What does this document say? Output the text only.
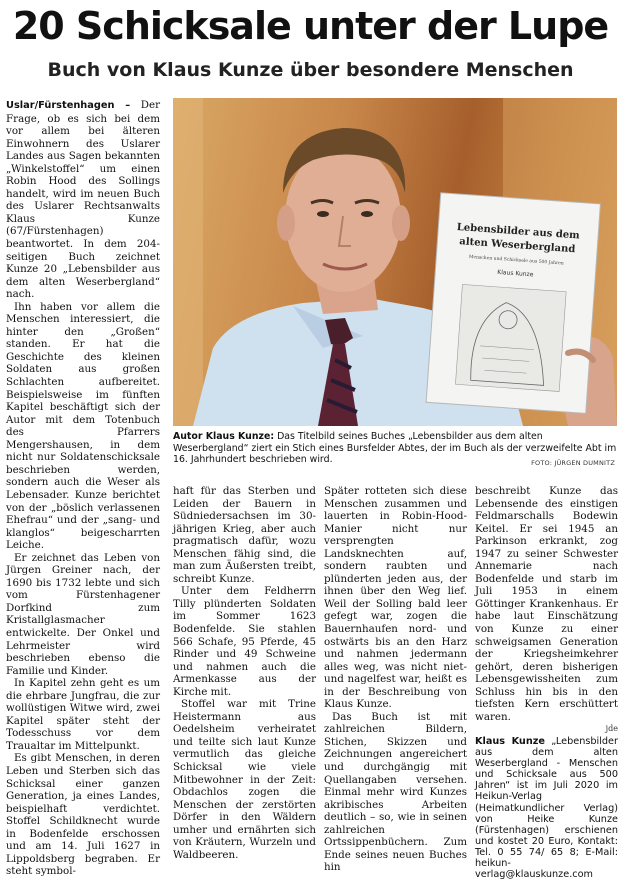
20 Schicksale unter der Lupe
Buch von Klaus Kunze über besondere Menschen

Uslar/Fürstenhagen – Der Frage, ob es sich bei dem vor allem bei älteren Einwohnern des Uslarer Landes aus Sagen bekannten „Winkelstoffel“ um einen Robin Hood des Sollings handelt, wird im neuen Buch des Uslarer Rechtsanwalts Klaus Kunze (67/Fürstenhagen) beantwortet. In dem 204-seitigen Buch zeichnet Kunze 20 „Lebensbilder aus dem alten Weserbergland“ nach.

Ihn haben vor allem die Menschen interessiert, die hinter den „Großen“ standen. Er hat die Geschichte des kleinen Soldaten aus großen Schlachten aufbereitet. Beispielsweise im fünften Kapitel beschäftigt sich der Autor mit dem Totenbuch des Pfarrers Mengershausen, in dem nicht nur Soldatenschicksale beschrieben werden, sondern auch die Weser als Lebensader. Kunze berichtet von der „böslich verlassenen Ehefrau“ und der „sang- und klanglos“ beigescharrten Leiche.

Er zeichnet das Leben von Jürgen Greiner nach, der 1690 bis 1732 lebte und sich vom Fürstenhagener Dorfkind zum Kristallglasmacher entwickelte. Der Onkel und Lehrmeister wird beschrieben ebenso die Familie und Kinder.

In Kapitel zehn geht es um die ehrbare Jungfrau, die zur wollüstigen Witwe wird, zwei Kapitel später steht der Todesschuss vor dem Traualtar im Mittelpunkt.

Es gibt Menschen, in deren Leben und Sterben sich das Schicksal einer ganzen Generation, ja eines Landes, beispielhaft verdichtet. Stoffel Schildknecht wurde in Bodenfelde erschossen und am 14. Juli 1627 in Lippoldsberg begraben. Er steht symbol-

Lebensbilder aus dem
alten Weserbergland
Menschen und Schicksale aus 500 Jahren
Klaus Kunze
Autor Klaus Kunze: Das Titelbild seines Buches „Lebensbilder aus dem alten Weserbergland“ ziert ein Stich eines Bursfelder Abtes, der im Buch als der verzweifelte Abt im 16. Jahrhundert beschrieben wird.	FOTO: JÜRGEN DUMNITZ

haft für das Sterben und Leiden der Bauern in Südniedersachsen im 30-jährigen Krieg, aber auch pragmatisch dafür, wozu Menschen fähig sind, die man zum Äußersten treibt, schreibt Kunze.

Unter dem Feldherrn Tilly plünderten Soldaten im Sommer 1623 Bodenfelde. Sie stahlen 566 Schafe, 95 Pferde, 45 Rinder und 49 Schweine und nahmen auch die Armenkasse aus der Kirche mit.

Stoffel war mit Trine Heistermann aus Oedelsheim verheiratet und teilte sich laut Kunze vermutlich das gleiche Schicksal wie viele Mitbewohner in der Zeit: Obdachlos zogen die Menschen der zerstörten Dörfer in den Wäldern umher und ernährten sich von Kräutern, Wurzeln und Waldbeeren.

Später rotteten sich diese Menschen zusammen und lauerten in Robin-Hood-Manier nicht nur versprengten Landsknechten auf, sondern raubten und plünderten jeden aus, der ihnen über den Weg lief. Weil der Solling bald leer gefegt war, zogen die Bauernhaufen nord- und ostwärts bis an den Harz und nahmen jedermann alles weg, was nicht niet- und nagelfest war, heißt es in der Beschreibung von Klaus Kunze.

Das Buch ist mit zahlreichen Bildern, Stichen, Skizzen und Zeichnungen angereichert und durchgängig mit Quellangaben versehen. Einmal mehr wird Kunzes akribisches Arbeiten deutlich – so, wie in seinen zahlreichen Ortssippenbüchern. Zum Ende seines neuen Buches hin

beschreibt Kunze das Lebensende des einstigen Feldmarschalls Bodewin Keitel. Er sei 1945 an Parkinson erkrankt, zog 1947 zu seiner Schwester Annemarie nach Bodenfelde und starb im Juli 1953 in einem Göttinger Krankenhaus. Er habe laut Einschätzung von Kunze zu einer schweigsamen Generation der Kriegsheimkehrer gehört, deren bisherigen Lebensgewissheiten zum Schluss hin bis in den tiefsten Kern erschüttert waren.

jde

Klaus Kunze „Lebensbilder aus dem alten Weserbergland - Menschen und Schicksale aus 500 Jahren“ ist im Juli 2020 im Heikun-Verlag (Heimatkundlicher Verlag) von Heike Kunze (Fürstenhagen) erschienen und kostet 20 Euro, Kontakt: Tel. 0 55 74/ 65 8; E-Mail: heikun-verlag@klauskunze.com
